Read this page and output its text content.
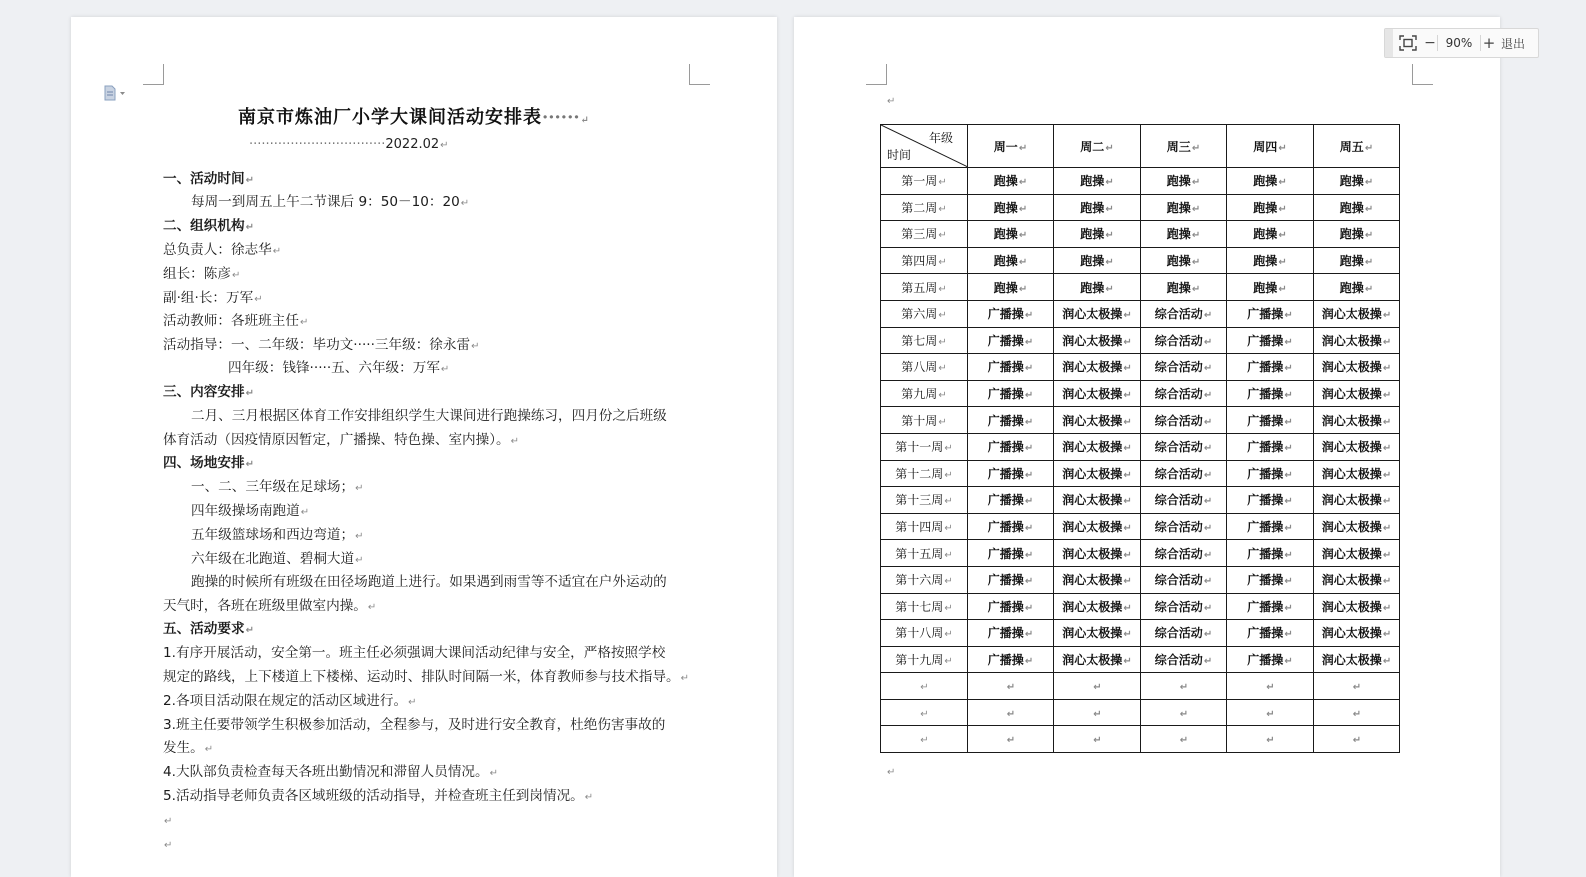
南京市炼油厂小学大课间活动安排表······↵
·································2022.02↵
一、活动时间↵
每周一到周五上午二节课后 9：50－10：20↵
二、组织机构↵
总负责人：徐志华↵
组长：陈彦↵
副·组·长：万军↵
活动教师：各班班主任↵
活动指导：一、二年级：毕功文·····三年级：徐永雷↵
四年级：钱锋·····五、六年级：万军↵
三、内容安排↵
二月、三月根据区体育工作安排组织学生大课间进行跑操练习，四月份之后班级
体育活动（因疫情原因暂定，广播操、特色操、室内操）。↵
四、场地安排↵
一、二、三年级在足球场；↵
四年级操场南跑道↵
五年级篮球场和西边弯道；↵
六年级在北跑道、碧桐大道↵
跑操的时候所有班级在田径场跑道上进行。如果遇到雨雪等不适宜在户外运动的
天气时，各班在班级里做室内操。↵
五、活动要求↵
1.有序开展活动，安全第一。班主任必须强调大课间活动纪律与安全，严格按照学校
规定的路线，上下楼道上下楼梯、运动时、排队时间隔一米，体育教师参与技术指导。↵
2.各项目活动限在规定的活动区域进行。↵
3.班主任要带领学生积极参加活动，全程参与，及时进行安全教育，杜绝伤害事故的
发生。↵
4.大队部负责检查每天各班出勤情况和滞留人员情况。↵
5.活动指导老师负责各区域班级的活动指导，并检查班主任到岗情况。↵
↵
↵
↵
年级
时间	周一↵	周二↵	周三↵	周四↵	周五↵
第一周↵	跑操↵	跑操↵	跑操↵	跑操↵	跑操↵
第二周↵	跑操↵	跑操↵	跑操↵	跑操↵	跑操↵
第三周↵	跑操↵	跑操↵	跑操↵	跑操↵	跑操↵
第四周↵	跑操↵	跑操↵	跑操↵	跑操↵	跑操↵
第五周↵	跑操↵	跑操↵	跑操↵	跑操↵	跑操↵
第六周↵	广播操↵	润心太极操↵	综合活动↵	广播操↵	润心太极操↵
第七周↵	广播操↵	润心太极操↵	综合活动↵	广播操↵	润心太极操↵
第八周↵	广播操↵	润心太极操↵	综合活动↵	广播操↵	润心太极操↵
第九周↵	广播操↵	润心太极操↵	综合活动↵	广播操↵	润心太极操↵
第十周↵	广播操↵	润心太极操↵	综合活动↵	广播操↵	润心太极操↵
第十一周↵	广播操↵	润心太极操↵	综合活动↵	广播操↵	润心太极操↵
第十二周↵	广播操↵	润心太极操↵	综合活动↵	广播操↵	润心太极操↵
第十三周↵	广播操↵	润心太极操↵	综合活动↵	广播操↵	润心太极操↵
第十四周↵	广播操↵	润心太极操↵	综合活动↵	广播操↵	润心太极操↵
第十五周↵	广播操↵	润心太极操↵	综合活动↵	广播操↵	润心太极操↵
第十六周↵	广播操↵	润心太极操↵	综合活动↵	广播操↵	润心太极操↵
第十七周↵	广播操↵	润心太极操↵	综合活动↵	广播操↵	润心太极操↵
第十八周↵	广播操↵	润心太极操↵	综合活动↵	广播操↵	润心太极操↵
第十九周↵	广播操↵	润心太极操↵	综合活动↵	广播操↵	润心太极操↵
↵	↵	↵	↵	↵	↵
↵	↵	↵	↵	↵	↵
↵	↵	↵	↵	↵	↵
↵
− 90% + 退出
